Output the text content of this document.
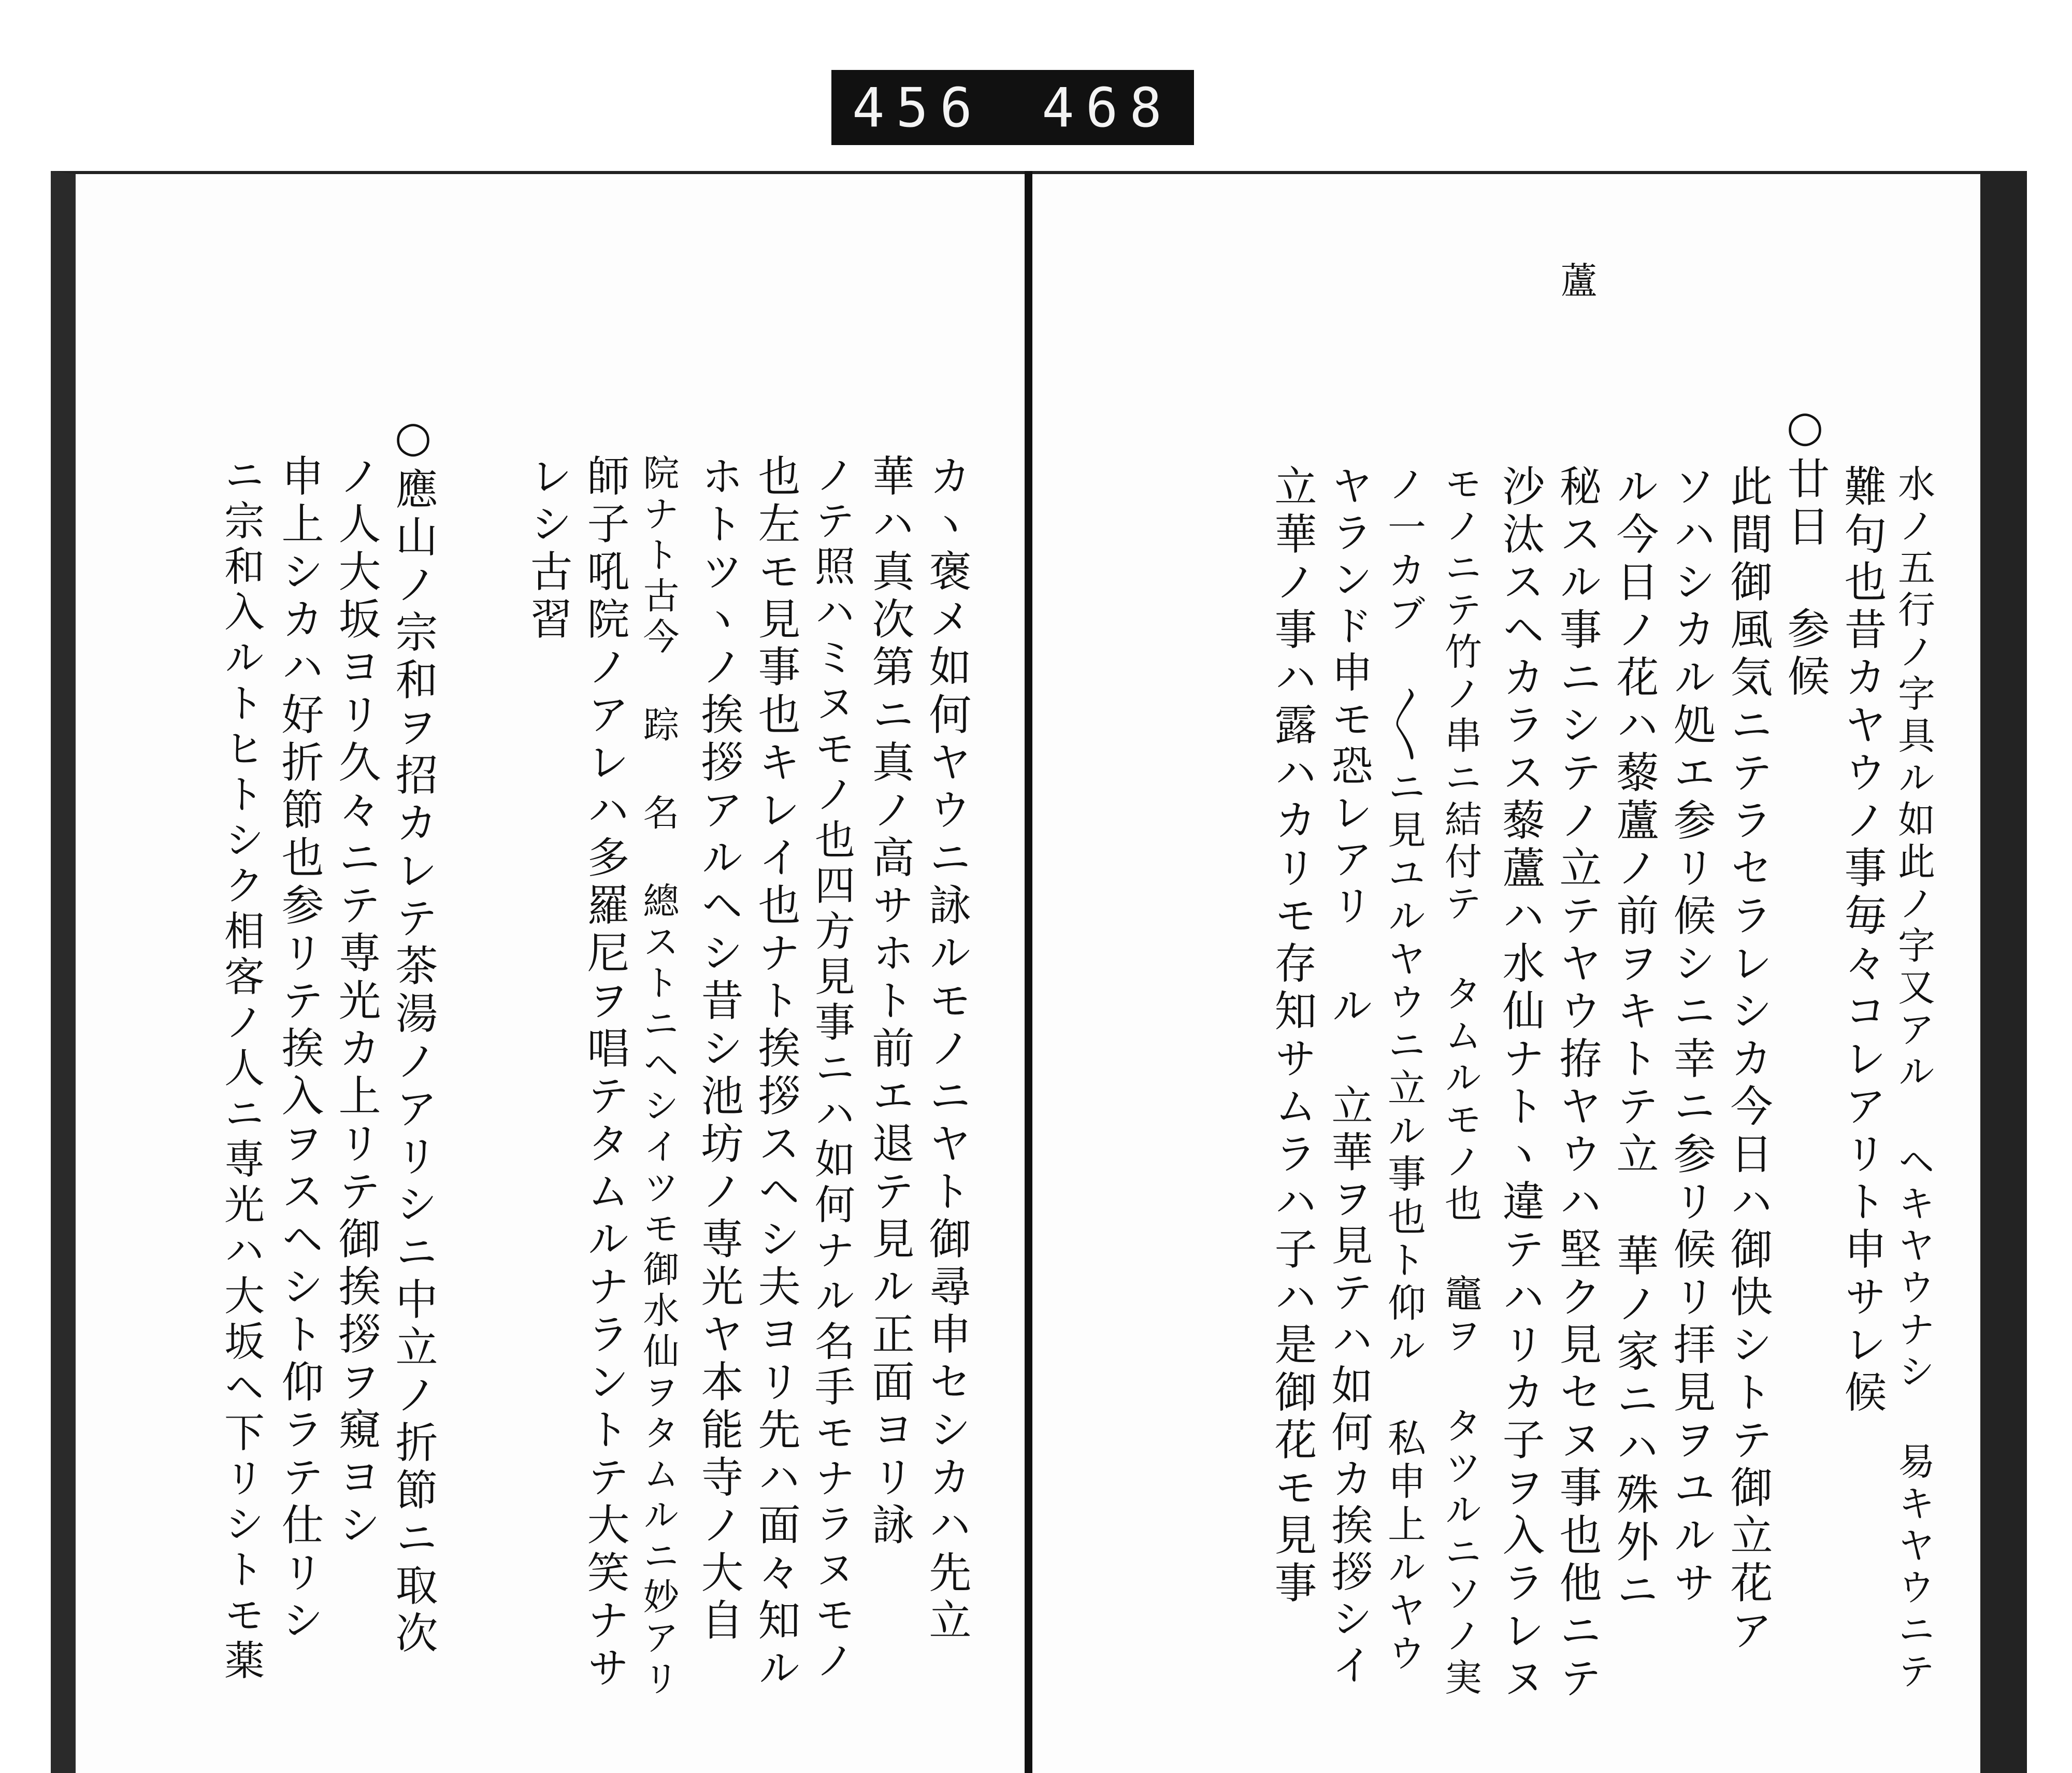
456 468
カヽ褒メ如何ヤウニ詠ルモノニヤト御尋申セシカハ先立
華ハ真次第ニ真ノ高サホト前エ退テ見ル正面ヨリ詠
ノテ照ハミヌモノ也四方見事ニハ如何ナル名手モナラヌモノ
也左モ見事也キレイ也ナト挨拶スヘシ夫ヨリ先ハ面々知ル
ホトツヽノ挨拶アルヘシ昔シ池坊ノ専光ヤ本能寺ノ大自
院ナト古今 踪 名 總ストニヘシイツモ御水仙ヲタムルニ妙アリ
師子吼院ノアレハ多羅尼ヲ唱テタムルナラントテ大笑ナサ
レシ古習
○應山ノ宗和ヲ招カレテ茶湯ノアリシニ中立ノ折節ニ取次
ノ人大坂ヨリ久々ニテ専光カ上リテ御挨拶ヲ窺ヨシ
申上シカハ好折節也参リテ挨入ヲスヘシト仰ラテ仕リシ
ニ宗和入ルトヒトシク相客ノ人ニ専光ハ大坂ヘ下リシトモ薬
蘆
水ノ五行ノ字具ル如此ノ字又アル ヘキヤウナシ 易キヤウニテ
難句也昔カヤウノ事毎々コレアリト申サレ候
○廿日 参候
此間御風気ニテラセラレシカ今日ハ御快シトテ御立花ア
ソハシカル処エ参リ候シニ幸ニ参リ候リ拝見ヲユルサ
ル今日ノ花ハ藜蘆ノ前ヲキトテ立 華ノ家ニハ殊外ニ
秘スル事ニシテノ立テヤウ拵ヤウハ堅ク見セヌ事也他ニテ
沙汰スヘカラス藜蘆ハ水仙ナトヽ違テハリカ子ヲ入ラレヌ
モノニテ竹ノ串ニ結付テ タムルモノ也 竈ヲ タツルニソノ実
ノ一カブ 〳〵ニ見ユルヤウニ立ル事也ト仰ル 私申上ルヤウ
ヤランド申モ恐レアリ ル 立華ヲ見テハ如何カ挨拶シイ
立華ノ事ハ露ハカリモ存知サムラハ子ハ是御花モ見事
